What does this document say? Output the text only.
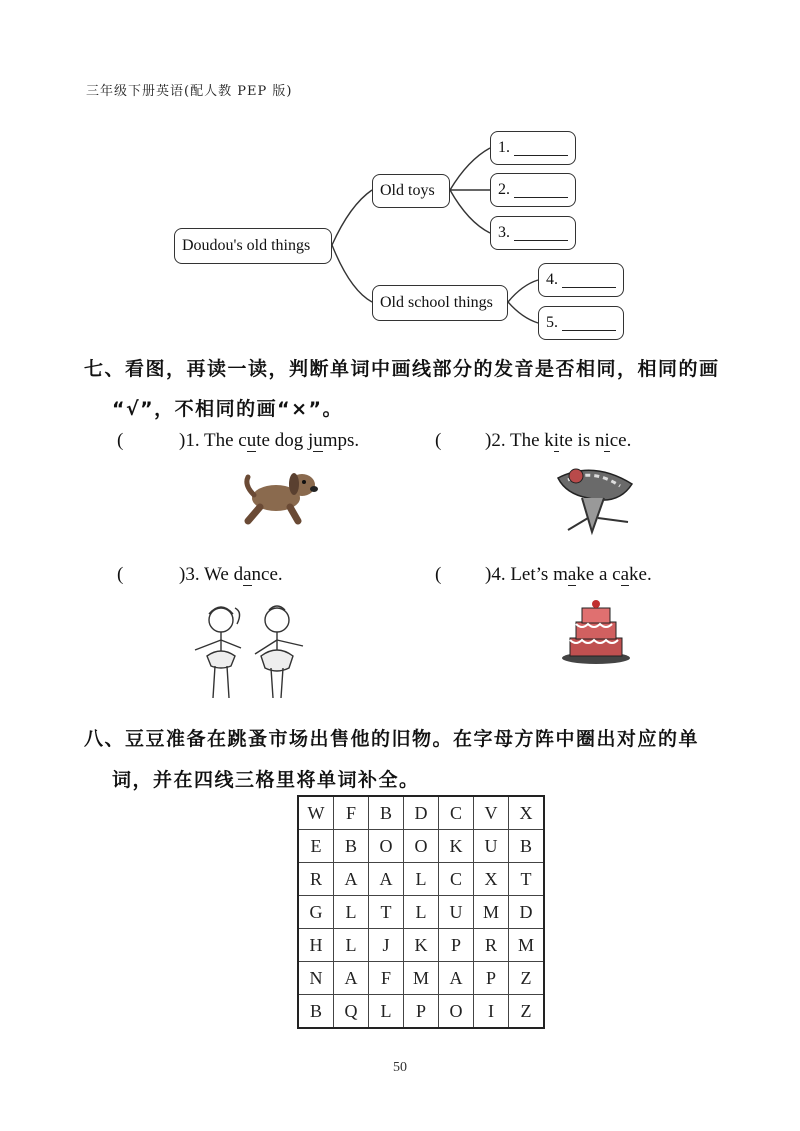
三年级下册英语(配人教 PEP 版)
Doudou's old things
Old toys
Old school things
1.
2.
3.
4.
5.
七、看图，再读一读，判断单词中画线部分的发音是否相同，相同的画
“√”，不相同的画“×”。
(	)1. The cute dog jumps.	( )2. The kite is nice.
(	)3. We dance.	( )4. Let’s make a cake.
八、豆豆准备在跳蚤市场出售他的旧物。在字母方阵中圈出对应的单
词，并在四线三格里将单词补全。
W	F	B	D	C	V	X
E	B	O	O	K	U	B
R	A	A	L	C	X	T
G	L	T	L	U	M	D
H	L	J	K	P	R	M
N	A	F	M	A	P	Z
B	Q	L	P	O	I	Z
50
